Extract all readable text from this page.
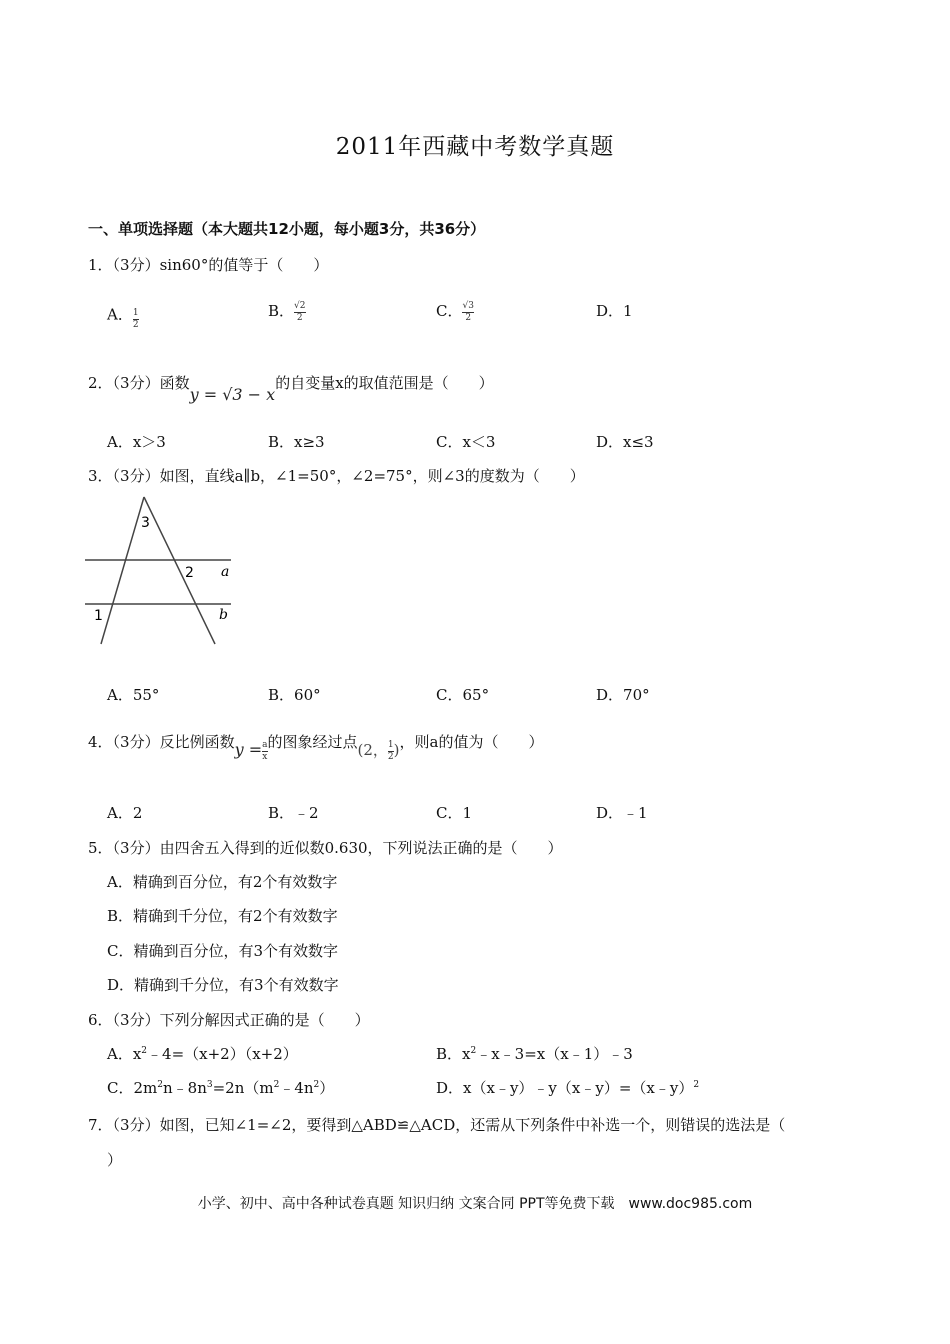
2011年西藏中考数学真题
一、单项选择题（本大题共12小题，每小题3分，共36分）
1．（3分）sin60°的值等于（　　）
A．$\frac{1}{2}$	B．$\frac{√2}{2}$	C．$\frac{√3}{2}$	D．1
2．（3分）函数y = √3 − x的自变量x的取值范围是（　　）
A．x＞3	B．x≥3	C．x＜3	D．x≤3
3．（3分）如图，直线a∥b，∠1=50°，∠2=75°，则∠3的度数为（　　）
3
2
1
a
b
A．55°	B．60°	C．65°	D．70°
4．（3分）反比例函数$y =\frac{a}{x}$ 的图象经过点(2，$\frac{1}{2}$ )，则a的值为（　　）
A．2	B．﹣2	C．1	D．﹣1
5．（3分）由四舍五入得到的近似数0.630，下列说法正确的是（　　）
A．精确到百分位，有2个有效数字
B．精确到千分位，有2个有效数字
C．精确到百分位，有3个有效数字
D．精确到千分位，有3个有效数字
6．（3分）下列分解因式正确的是（　　）
A．$x^2﹣4=(x+2)(x+2)$	B．$x^2﹣x﹣3=x(x﹣1)﹣3$
C．$2m^2n﹣8n^3=2n(m^2﹣4n^2)$	D．x（x﹣y）﹣y（x﹣y）=（x﹣y）$^2$
7．（3分）如图，已知∠1=∠2，要得到△ABD≌△ACD，还需从下列条件中补选一个，则错误的选法是（
）
小学、初中、高中各种试卷真题 知识归纳 文案合同 PPT等免费下载　www.doc985.com
